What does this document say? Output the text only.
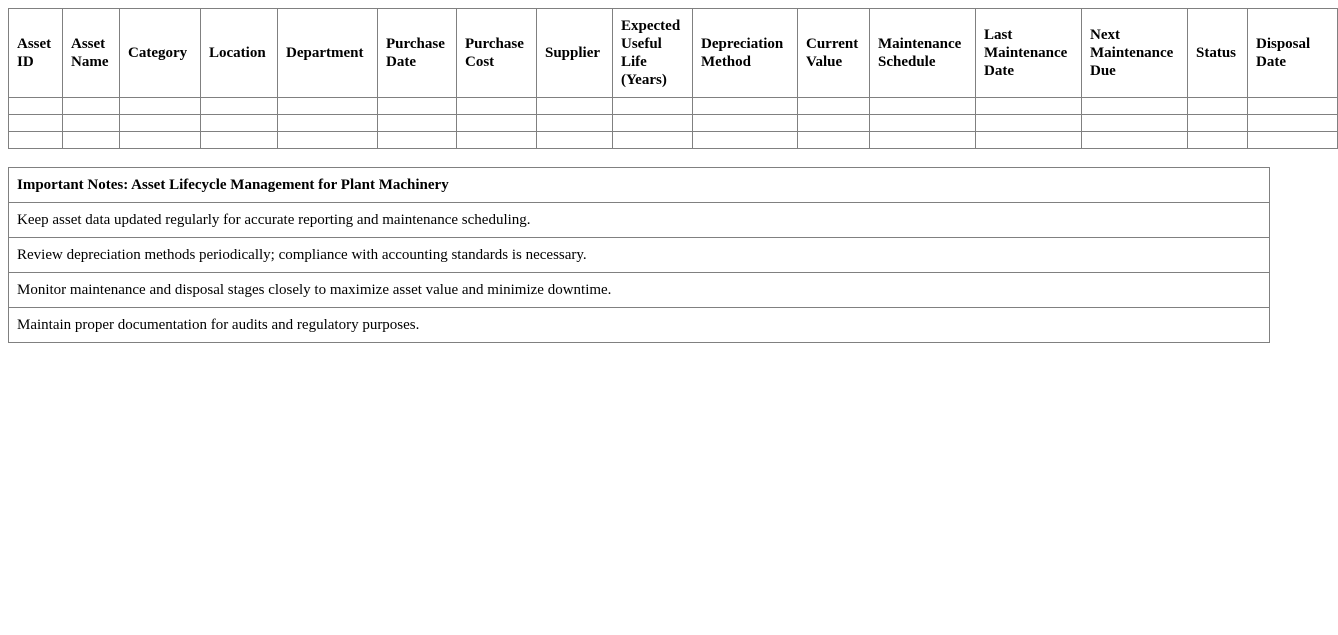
Asset ID	Asset Name	Category	Location	Department	Purchase Date	Purchase Cost	Supplier	Expected Useful Life (Years)	Depreciation Method	Current Value	Maintenance Schedule	Last Maintenance Date	Next Maintenance Due	Status	Disposal Date

Important Notes: Asset Lifecycle Management for Plant Machinery
Keep asset data updated regularly for accurate reporting and maintenance scheduling.
Review depreciation methods periodically; compliance with accounting standards is necessary.
Monitor maintenance and disposal stages closely to maximize asset value and minimize downtime.
Maintain proper documentation for audits and regulatory purposes.
